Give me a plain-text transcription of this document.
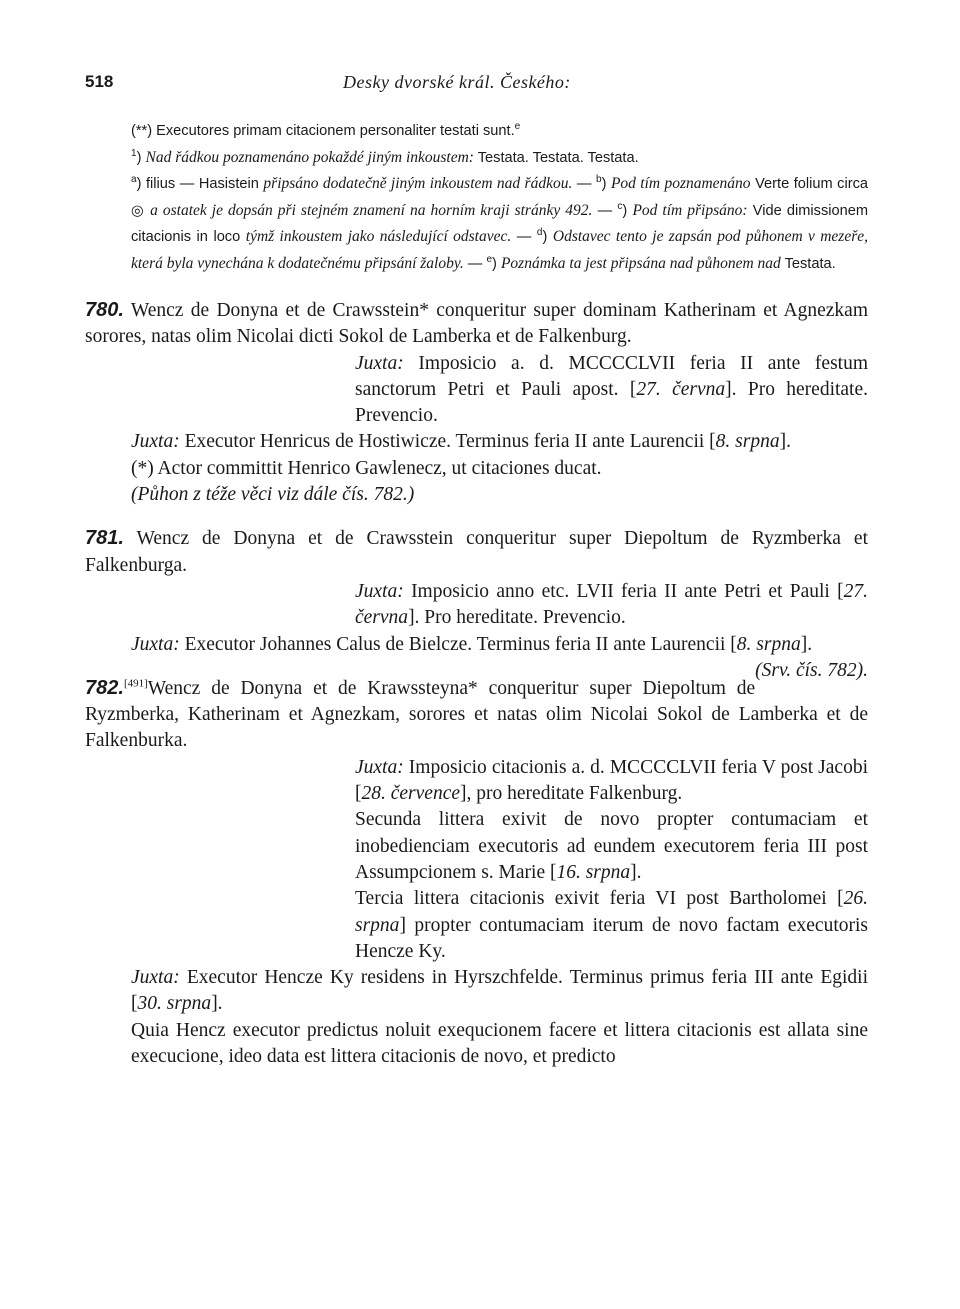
518	Desky dvorské král. Českého:

(**) Executores primam citacionem personaliter testati sunt.$^e$

$^1$) Nad řádkou poznamenáno pokaždé jiným inkoustem: Testata. Testata. Testata.

$^a$) filius — Hasistein připsáno dodatečně jiným inkoustem nad řádkou. — $^b$) Pod tím poznamenáno Verte folium circa ◎ a ostatek je dopsán při stejném znamení na horním kraji stránky 492. — $^c$) Pod tím připsáno: Vide dimissionem citacionis in loco týmž inkoustem jako následující odstavec. — $^d$) Odstavec tento je zapsán pod půhonem v mezeře, která byla vynechána k dodatečnému připsání žaloby. — $^e$) Poznámka ta jest připsána nad půhonem nad Testata.

780. Wencz de Donyna et de Crawsstein* conqueritur super dominam Katherinam et Agnezkam sorores, natas olim Nicolai dicti Sokol de Lamberka et de Falkenburg.

Juxta: Imposicio a. d. MCCCCLVII feria II ante festum sanctorum Petri et Pauli apost. [27. června]. Pro hereditate. Prevencio.

Juxta: Executor Henricus de Hostiwicze. Terminus feria II ante Laurencii [8. srpna].

(*) Actor committit Henrico Gawlenecz, ut citaciones ducat.

(Půhon z téže věci viz dále čís. 782.)

781. Wencz de Donyna et de Crawsstein conqueritur super Diepoltum de Ryzmberka et Falkenburga.

Juxta: Imposicio anno etc. LVII feria II ante Petri et Pauli [27. června]. Pro hereditate. Prevencio.

Juxta: Executor Johannes Calus de Bielcze. Terminus feria II ante Laurencii [8. srpna].
(Srv. čís. 782).

782.[491]Wencz de Donyna et de Krawssteyna* conqueritur super Diepoltum de Ryzmberka, Katherinam et Agnezkam, sorores et natas olim Nicolai Sokol de Lamberka et de Falkenburka.

Juxta: Imposicio citacionis a. d. MCCCCLVII feria V post Jacobi [28. července], pro hereditate Falkenburg.

Secunda littera exivit de novo propter contumaciam et inobedienciam executoris ad eundem executorem feria III post Assumpcionem s. Marie [16. srpna].

Tercia littera citacionis exivit feria VI post Bartholomei [26. srpna] propter contumaciam iterum de novo factam executoris Hencze Ky.

Juxta: Executor Hencze Ky residens in Hyrszchfelde. Terminus primus feria III ante Egidii [30. srpna].

Quia Hencz executor predictus noluit exequcionem facere et littera citacionis est allata sine execucione, ideo data est littera citacionis de novo, et predicto
